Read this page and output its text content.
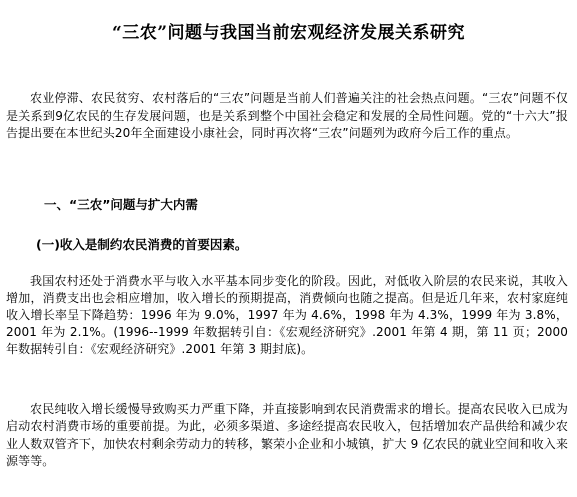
“三农”问题与我国当前宏观经济发展关系研究

农业停滞、农民贫穷、农村落后的“三农”问题是当前人们普遍关注的社会热点问题。“三农”问题不仅是关系到9亿农民的生存发展问题，也是关系到整个中国社会稳定和发展的全局性问题。党的“十六大”报告提出要在本世纪头20年全面建设小康社会，同时再次将“三农”问题列为政府今后工作的重点。

一、“三农”问题与扩大内需
(一)收入是制约农民消费的首要因素。

我国农村还处于消费水平与收入水平基本同步变化的阶段。因此，对低收入阶层的农民来说，其收入增加，消费支出也会相应增加，收入增长的预期提高，消费倾向也随之提高。但是近几年来，农村家庭纯收入增长率呈下降趋势：1996 年为 9.0%，1997 年为 4.6%，1998 年为 4.3%，1999 年为 3.8%，2001 年为 2.1%。(1996--1999 年数据转引自：《宏观经济研究》.2001 年第 4 期，第 11 页；2000 年数据转引自：《宏观经济研究》.2001 年第 3 期封底)。

农民纯收入增长缓慢导致购买力严重下降，并直接影响到农民消费需求的增长。提高农民收入已成为启动农村消费市场的重要前提。为此，必须多渠道、多途经提高农民收入，包括增加农产品供给和减少农业人数双管齐下，加快农村剩余劳动力的转移，繁荣小企业和小城镇，扩大 9 亿农民的就业空间和收入来源等等。
